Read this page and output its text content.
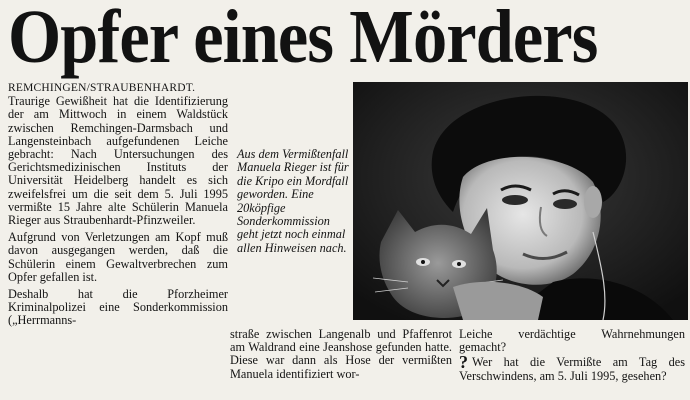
Opfer eines Mörders

REMCHINGEN/STRAUBENHARDT.
Traurige Gewißheit hat die Identifizierung der am Mittwoch in einem Waldstück zwischen Remchingen-Darmsbach und Langensteinbach aufgefundenen Leiche gebracht: Nach Untersuchungen des Gerichtsmedizinischen Instituts der Universität Heidelberg handelt es sich zweifelsfrei um die seit dem 5. Juli 1995 vermißte 15 Jahre alte Schülerin Manuela Rieger aus Straubenhardt-Pfinzweiler.

Aufgrund von Verletzungen am Kopf muß davon ausgegangen werden, daß die Schülerin einem Gewaltverbrechen zum Opfer gefallen ist.

Deshalb hat die Pforzheimer Kriminalpolizei eine Sonderkommission („Herrmanns-

Aus dem Vermißtenfall Manuela Rieger ist für die Kripo ein Mordfall geworden. Eine 20köpfige Sonderkommission geht jetzt noch einmal allen Hinweisen nach.
straße zwischen Langenalb und Pfaffenrot am Waldrand eine Jeanshose gefunden hatte. Diese war dann als Hose der vermißten Manuela identifiziert wor-

Leiche verdächtige Wahrnehmungen gemacht?

? Wer hat die Vermißte am Tag des Verschwindens, am 5. Juli 1995, gesehen?
